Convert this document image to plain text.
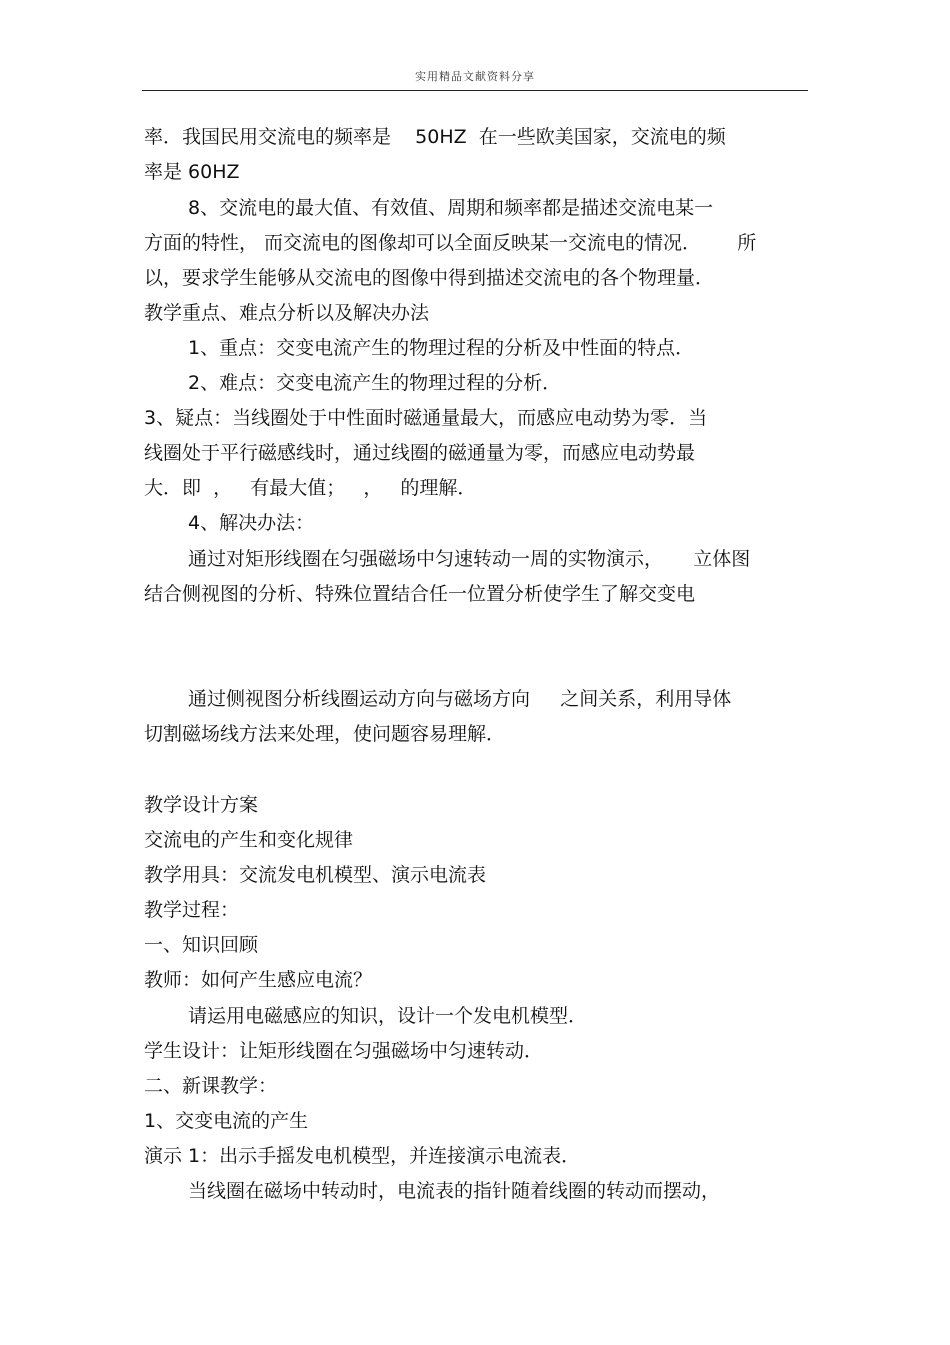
实用精品文献资料分享
率．我国民用交流电的频率是    50HZ  在一些欧美国家，交流电的频
率是 60HZ
8、交流电的最大值、有效值、周期和频率都是描述交流电某一
方面的特性， 而交流电的图像却可以全面反映某一交流电的情况．      所
以，要求学生能够从交流电的图像中得到描述交流电的各个物理量．
教学重点、难点分析以及解决办法
1、重点：交变电流产生的物理过程的分析及中性面的特点．
2、难点：交变电流产生的物理过程的分析．
3、疑点：当线圈处于中性面时磁通量最大，而感应电动势为零．当
线圈处于平行磁感线时，通过线圈的磁通量为零，而感应电动势最
大．即  ，   有最大值；   ，   的理解．
4、解决办法：
通过对矩形线圈在匀强磁场中匀速转动一周的实物演示，     立体图
结合侧视图的分析、特殊位置结合任一位置分析使学生了解交变电
通过侧视图分析线圈运动方向与磁场方向     之间关系，利用导体
切割磁场线方法来处理，使问题容易理解．
教学设计方案
交流电的产生和变化规律
教学用具：交流发电机模型、演示电流表
教学过程：
一、知识回顾
教师：如何产生感应电流？
请运用电磁感应的知识，设计一个发电机模型．
学生设计：让矩形线圈在匀强磁场中匀速转动．
二、新课教学：
1、交变电流的产生
演示 1：出示手摇发电机模型，并连接演示电流表．
当线圈在磁场中转动时，电流表的指针随着线圈的转动而摆动，
